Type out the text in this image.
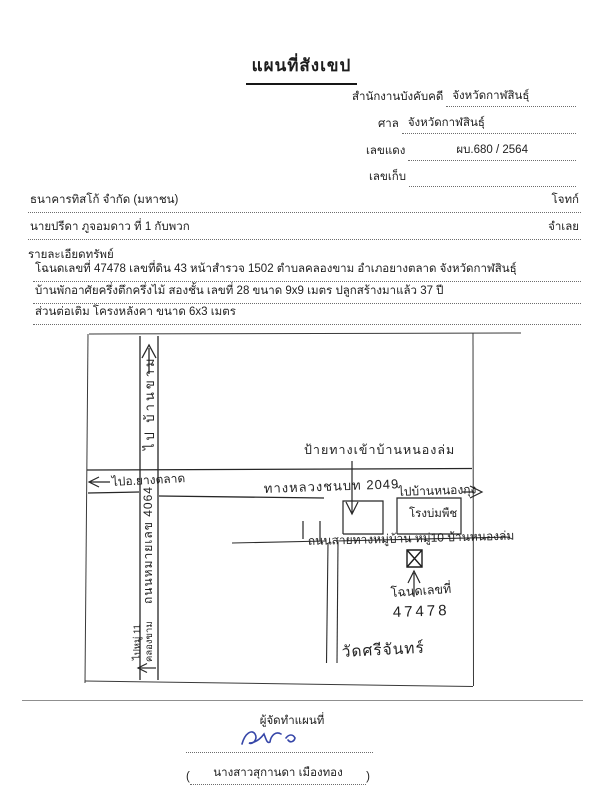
แผนที่สังเขป
สำนักงานบังคับคดี จังหวัดกาฬสินธุ์
ศาล จังหวัดกาฬสินธุ์
เลขแดง	ผบ.680 / 2564
เลขเก็บ
ธนาคารทิสโก้ จำกัด (มหาชน)	โจทก์
นายปรีดา ภูจอมดาว ที่ 1 กับพวก	จำเลย
รายละเอียดทรัพย์
โฉนดเลขที่ 47478 เลขที่ดิน 43 หน้าสำรวจ 1502 ตำบลคลองขาม อำเภอยางตลาด จังหวัดกาฬสินธุ์
บ้านพักอาศัยครึ่งตึกครึ่งไม้ สองชั้น เลขที่ 28 ขนาด 9x9 เมตร ปลูกสร้างมาแล้ว 37 ปี
ส่วนต่อเติม โครงหลังคา ขนาด 6x3 เมตร
ไป บ้านขาม
ถนนหมายเลข 4064
ไปหมู่ 11 คลองขาม
ไปอ.ยางตลาด	ทางหลวงชนบท 2049
ไปบ้านหนองกุง
ป้ายทางเข้าบ้านหนองล่ม
โรงบ่มพืช
ถนนสายทางหมู่บ้าน หมู่10 บ้านหนองล่ม
โฉนดเลขที่
47478
วัดศรีจันทร์
ผู้จัดทำแผนที่
(	นางสาวสุกานดา เมืองทอง	)
